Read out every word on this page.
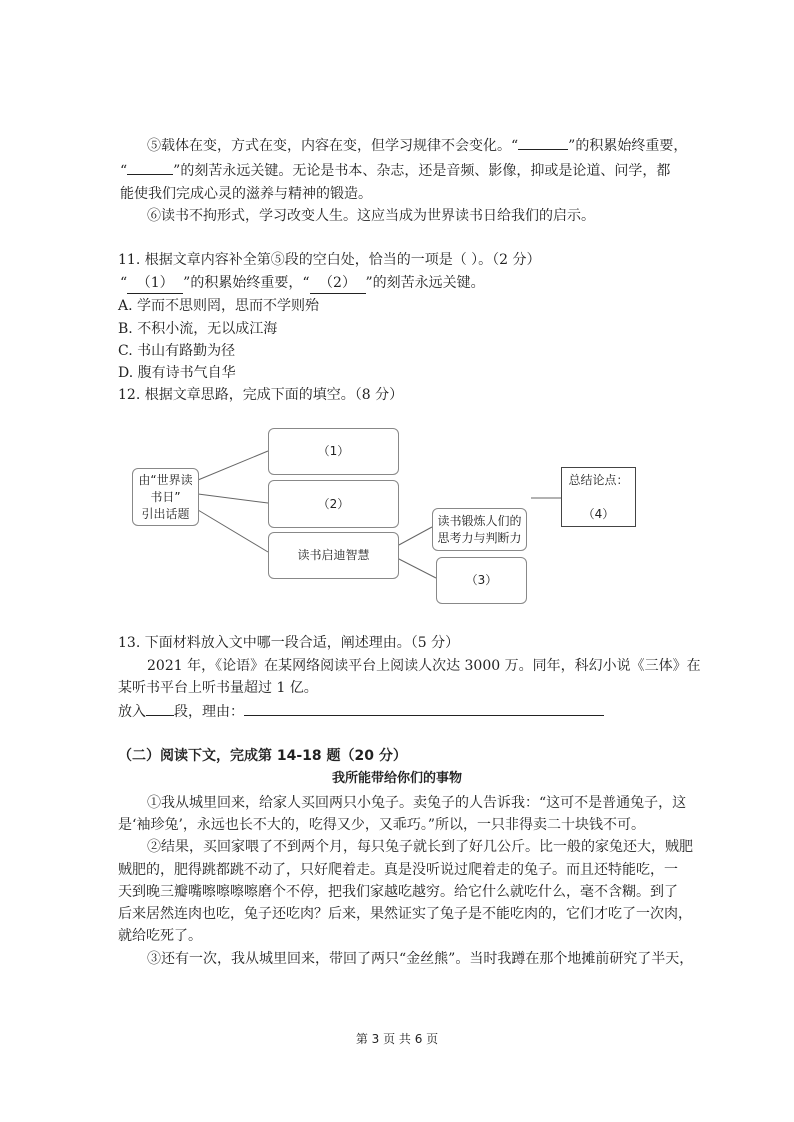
⑤载体在变，方式在变，内容在变，但学习规律不会变化。“	”的积累始终重要，
“	”的刻苦永远关键。无论是书本、杂志，还是音频、影像，抑或是论道、问学，都
能使我们完成心灵的滋养与精神的锻造。
⑥读书不拘形式，学习改变人生。这应当成为世界读书日给我们的启示。
11. 根据文章内容补全第⑤段的空白处，恰当的一项是（ ）。（2 分）
“ （1） ”的积累始终重要，“ （2） ”的刻苦永远关键。
A. 学而不思则罔，思而不学则殆
B. 不积小流，无以成江海
C. 书山有路勤为径
D. 腹有诗书气自华
12. 根据文章思路，完成下面的填空。（8 分）
由“世界读书日”
引出话题
（1）
（2）
读书启迪智慧
读书锻炼人们的
思考力与判断力
（3）
总结论点：

（4）
13. 下面材料放入文中哪一段合适，阐述理由。（5 分）
2021 年，《论语》在某网络阅读平台上阅读人次达 3000 万。同年，科幻小说《三体》在
某听书平台上听书量超过 1 亿。
放入 段，理由：
（二）阅读下文，完成第 14-18 题（20 分）
我所能带给你们的事物
①我从城里回来，给家人买回两只小兔子。卖兔子的人告诉我：“这可不是普通兔子，这
是‘袖珍兔’，永远也长不大的，吃得又少，又乖巧。”所以，一只非得卖二十块钱不可。
②结果，买回家喂了不到两个月，每只兔子就长到了好几公斤。比一般的家兔还大，贼肥
贼肥的，肥得跳都跳不动了，只好爬着走。真是没听说过爬着走的兔子。而且还特能吃，一
天到晚三瓣嘴嚓嚓嚓嚓磨个不停，把我们家越吃越穷。给它什么就吃什么，毫不含糊。到了
后来居然连肉也吃，兔子还吃肉？后来，果然证实了兔子是不能吃肉的，它们才吃了一次肉，
就给吃死了。
③还有一次，我从城里回来，带回了两只“金丝熊”。当时我蹲在那个地摊前研究了半天，
第 3 页 共 6 页
